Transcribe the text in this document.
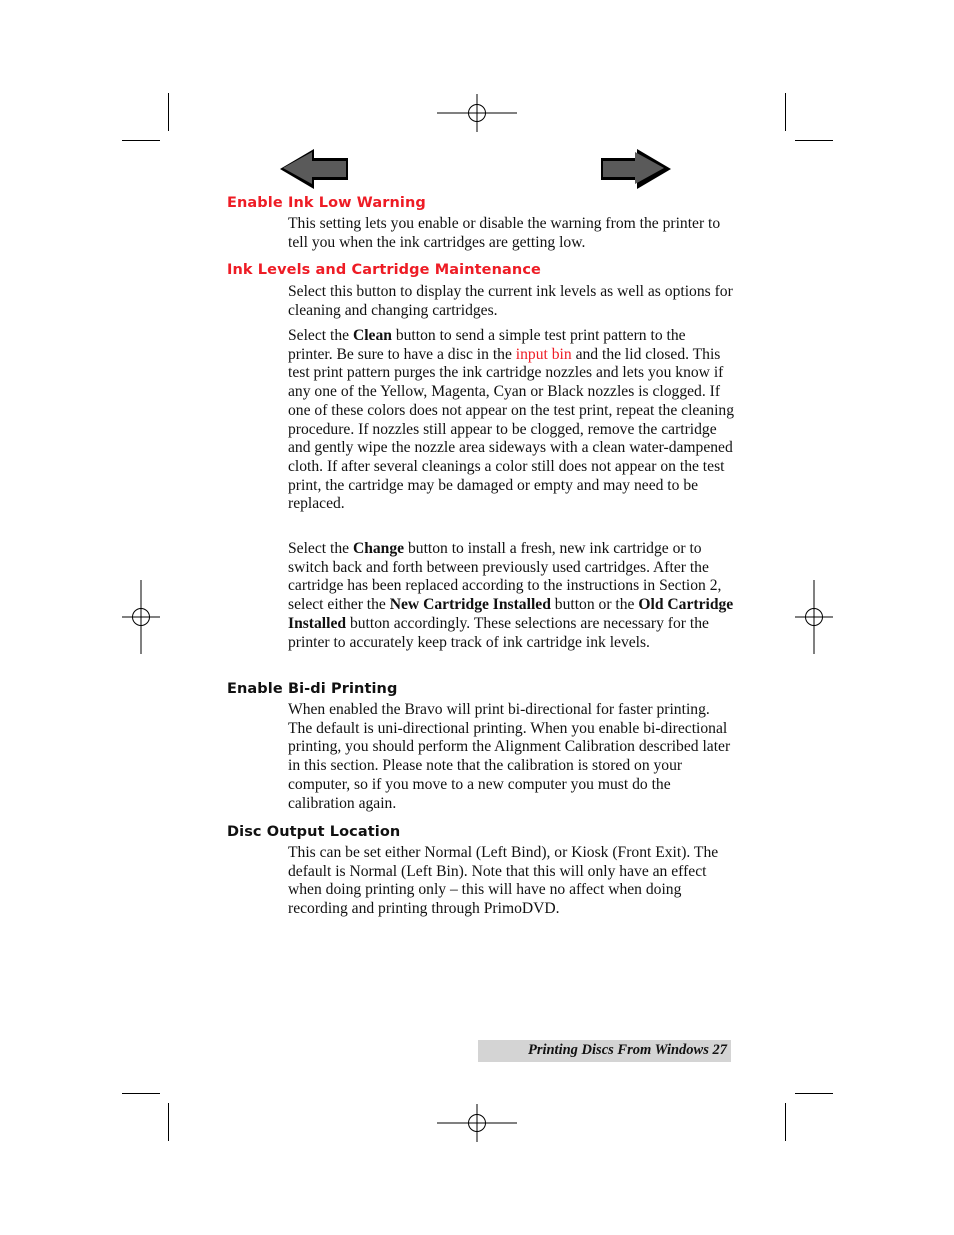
Enable Ink Low Warning

This setting lets you enable or disable the warning from the printer to tell you when the ink cartridges are getting low.

Ink Levels and Cartridge Maintenance

Select this button to display the current ink levels as well as options for cleaning and changing cartridges.

Select the Clean button to send a simple test print pattern to the printer. Be sure to have a disc in the input bin and the lid closed. This test print pattern purges the ink cartridge nozzles and lets you know if any one of the Yellow, Magenta, Cyan or Black nozzles is clogged. If one of these colors does not appear on the test print, repeat the cleaning procedure. If nozzles still appear to be clogged, remove the cartridge and gently wipe the nozzle area sideways with a clean water-dampened cloth. If after several cleanings a color still does not appear on the test print, the cartridge may be damaged or empty and may need to be replaced.

Select the Change button to install a fresh, new ink cartridge or to switch back and forth between previously used cartridges. After the cartridge has been replaced according to the instructions in Section 2, select either the New Cartridge Installed button or the Old Cartridge Installed button accordingly. These selections are necessary for the printer to accurately keep track of ink cartridge ink levels.

Enable Bi-di Printing

When enabled the Bravo will print bi-directional for faster printing. The default is uni-directional printing. When you enable bi-directional printing, you should perform the Alignment Calibration described later in this section. Please note that the calibration is stored on your computer, so if you move to a new computer you must do the calibration again.

Disc Output Location

This can be set either Normal (Left Bind), or Kiosk (Front Exit). The default is Normal (Left Bin). Note that this will only have an effect when doing printing only – this will have no affect when doing recording and printing through PrimoDVD.

Printing Discs From Windows 27
